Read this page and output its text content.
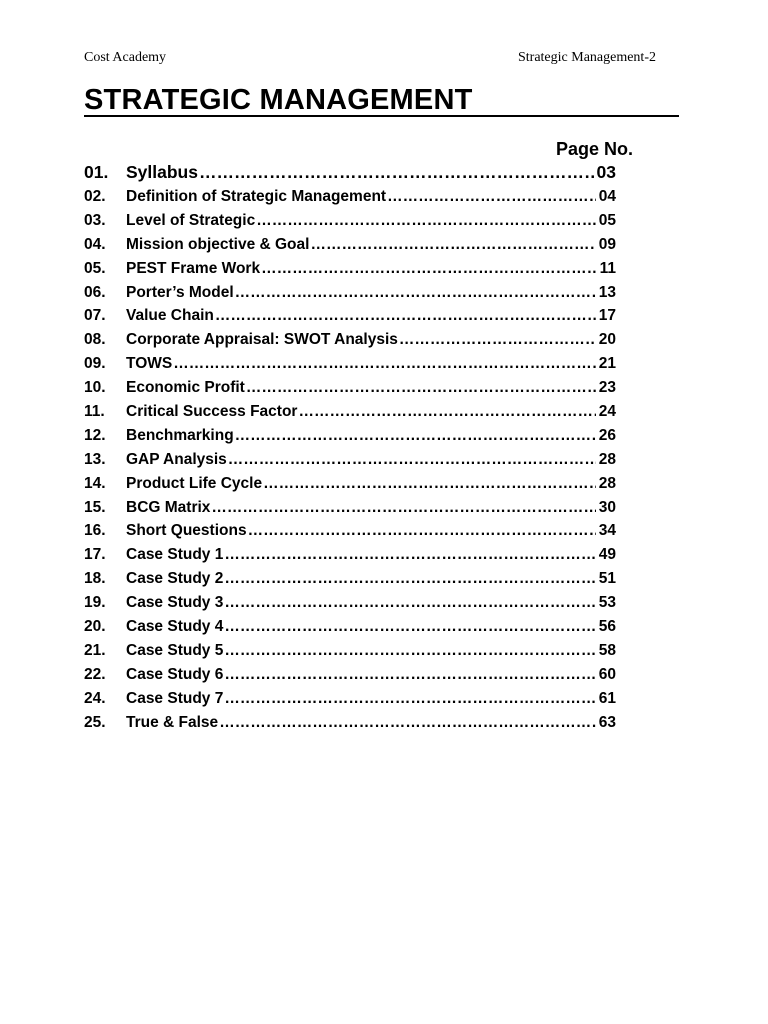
Cost Academy	Strategic Management-2
STRATEGIC MANAGEMENT
Page No.
01.	Syllabus ……………………………………………………………………………………………………………………………………………………………………………………	03
02.	Definition of Strategic Management ……………………………………………………………………………………………………………………………………………………………………………………	04
03.	Level of Strategic ……………………………………………………………………………………………………………………………………………………………………………………	05
04.	Mission objective & Goal ……………………………………………………………………………………………………………………………………………………………………………………	09
05.	PEST Frame Work ……………………………………………………………………………………………………………………………………………………………………………………	11
06.	Porter’s Model ……………………………………………………………………………………………………………………………………………………………………………………	13
07.	Value Chain ……………………………………………………………………………………………………………………………………………………………………………………	17
08.	Corporate Appraisal: SWOT Analysis ……………………………………………………………………………………………………………………………………………………………………………………	20
09.	TOWS ……………………………………………………………………………………………………………………………………………………………………………………	21
10.	Economic Profit ……………………………………………………………………………………………………………………………………………………………………………………	23
11.	Critical Success Factor ……………………………………………………………………………………………………………………………………………………………………………………	24
12.	Benchmarking ……………………………………………………………………………………………………………………………………………………………………………………	26
13.	GAP Analysis ……………………………………………………………………………………………………………………………………………………………………………………	28
14.	Product Life Cycle ……………………………………………………………………………………………………………………………………………………………………………………	28
15.	BCG Matrix ……………………………………………………………………………………………………………………………………………………………………………………	30
16.	Short Questions ……………………………………………………………………………………………………………………………………………………………………………………	34
17.	Case Study 1 ……………………………………………………………………………………………………………………………………………………………………………………	49
18.	Case Study 2 ……………………………………………………………………………………………………………………………………………………………………………………	51
19.	Case Study 3 ……………………………………………………………………………………………………………………………………………………………………………………	53
20.	Case Study 4 ……………………………………………………………………………………………………………………………………………………………………………………	56
21.	Case Study 5 ……………………………………………………………………………………………………………………………………………………………………………………	58
22.	Case Study 6 ……………………………………………………………………………………………………………………………………………………………………………………	60
24.	Case Study 7 ……………………………………………………………………………………………………………………………………………………………………………………	61
25.	True & False ……………………………………………………………………………………………………………………………………………………………………………………	63
